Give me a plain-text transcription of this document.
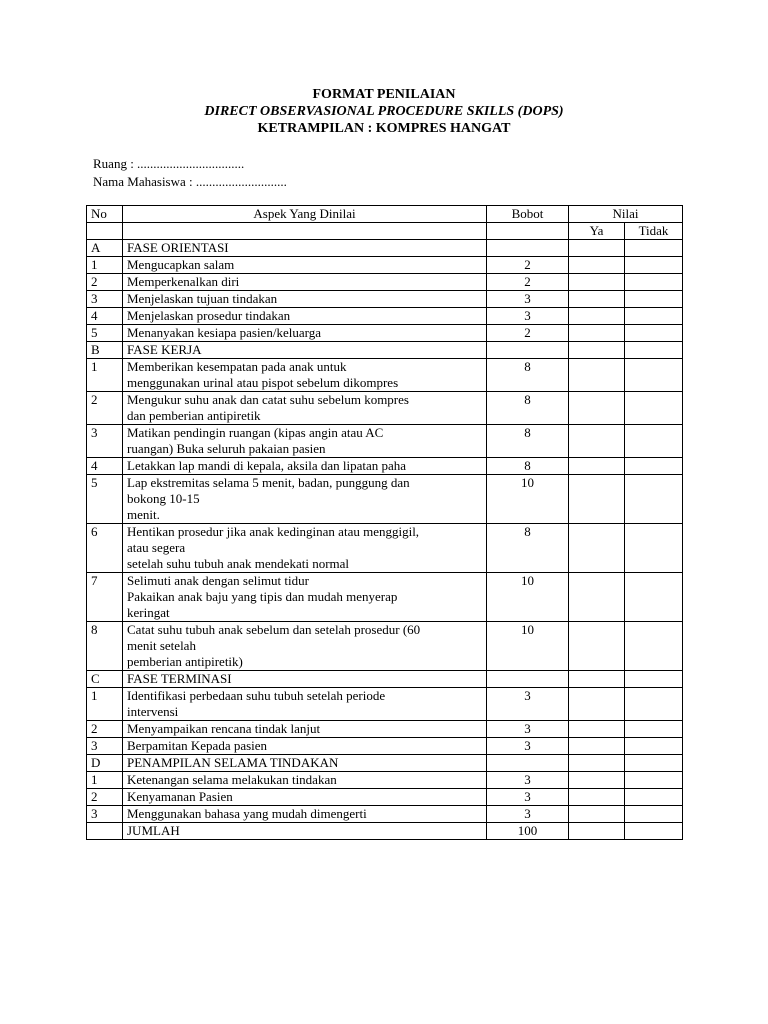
FORMAT PENILAIAN
DIRECT OBSERVASIONAL PROCEDURE SKILLS (DOPS)
KETRAMPILAN : KOMPRES HANGAT
Ruang : .................................
Nama Mahasiswa : ............................
No	Aspek Yang Dinilai	Bobot	Nilai	
			Ya	Tidak
A	FASE ORIENTASI			
1	Mengucapkan salam	2		
2	Memperkenalkan diri	2		
3	Menjelaskan tujuan tindakan	3		
4	Menjelaskan prosedur tindakan	3		
5	Menanyakan kesiapa pasien/keluarga	2		
B	FASE KERJA			
1	Memberikan kesempatan pada anak untuk
menggunakan urinal atau pispot sebelum dikompres	8		
2	Mengukur suhu anak dan catat suhu sebelum kompres
dan pemberian antipiretik	8		
3	Matikan pendingin ruangan (kipas angin atau AC
ruangan) Buka seluruh pakaian pasien	8		
4	Letakkan lap mandi di kepala, aksila dan lipatan paha	8		
5	Lap ekstremitas selama 5 menit, badan, punggung dan
bokong 10-15
menit.	10		
6	Hentikan prosedur jika anak kedinginan atau menggigil,
atau segera
setelah suhu tubuh anak mendekati normal	8		
7	Selimuti anak dengan selimut tidur
Pakaikan anak baju yang tipis dan mudah menyerap
keringat	10		
8	Catat suhu tubuh anak sebelum dan setelah prosedur (60
menit setelah
pemberian antipiretik)	10		
C	FASE TERMINASI			
1	Identifikasi perbedaan suhu tubuh setelah periode
intervensi	3		
2	Menyampaikan rencana tindak lanjut	3		
3	Berpamitan Kepada pasien	3		
D	PENAMPILAN SELAMA TINDAKAN			
1	Ketenangan selama melakukan tindakan	3		
2	Kenyamanan Pasien	3		
3	Menggunakan bahasa yang mudah dimengerti	3		
	JUMLAH	100		
